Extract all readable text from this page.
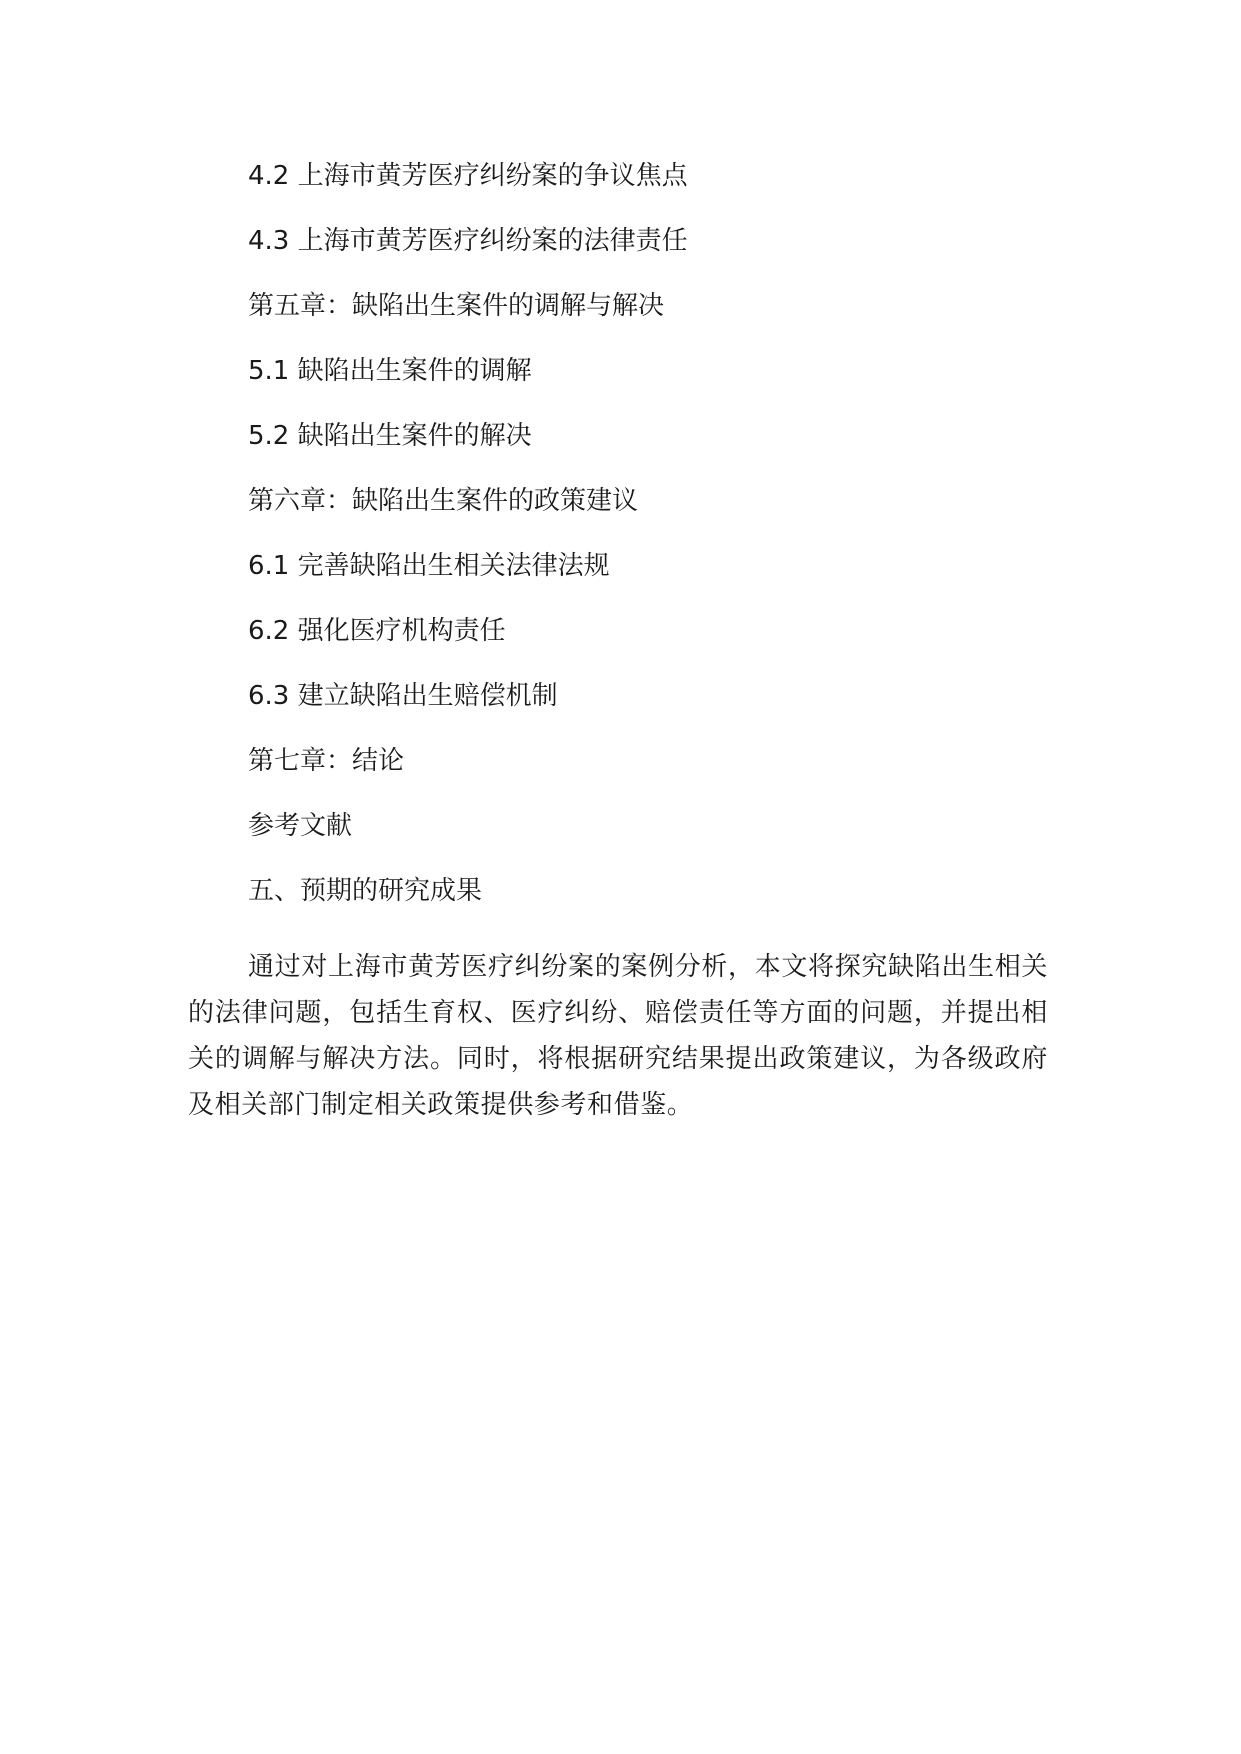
4.2 上海市黄芳医疗纠纷案的争议焦点
4.3 上海市黄芳医疗纠纷案的法律责任
第五章：缺陷出生案件的调解与解决
5.1 缺陷出生案件的调解
5.2 缺陷出生案件的解决
第六章：缺陷出生案件的政策建议
6.1 完善缺陷出生相关法律法规
6.2 强化医疗机构责任
6.3 建立缺陷出生赔偿机制
第七章：结论
参考文献
五、预期的研究成果
通过对上海市黄芳医疗纠纷案的案例分析，本文将探究缺陷出生相关的法律问题，包括生育权、医疗纠纷、赔偿责任等方面的问题，并提出相关的调解与解决方法。同时，将根据研究结果提出政策建议，为各级政府及相关部门制定相关政策提供参考和借鉴。
